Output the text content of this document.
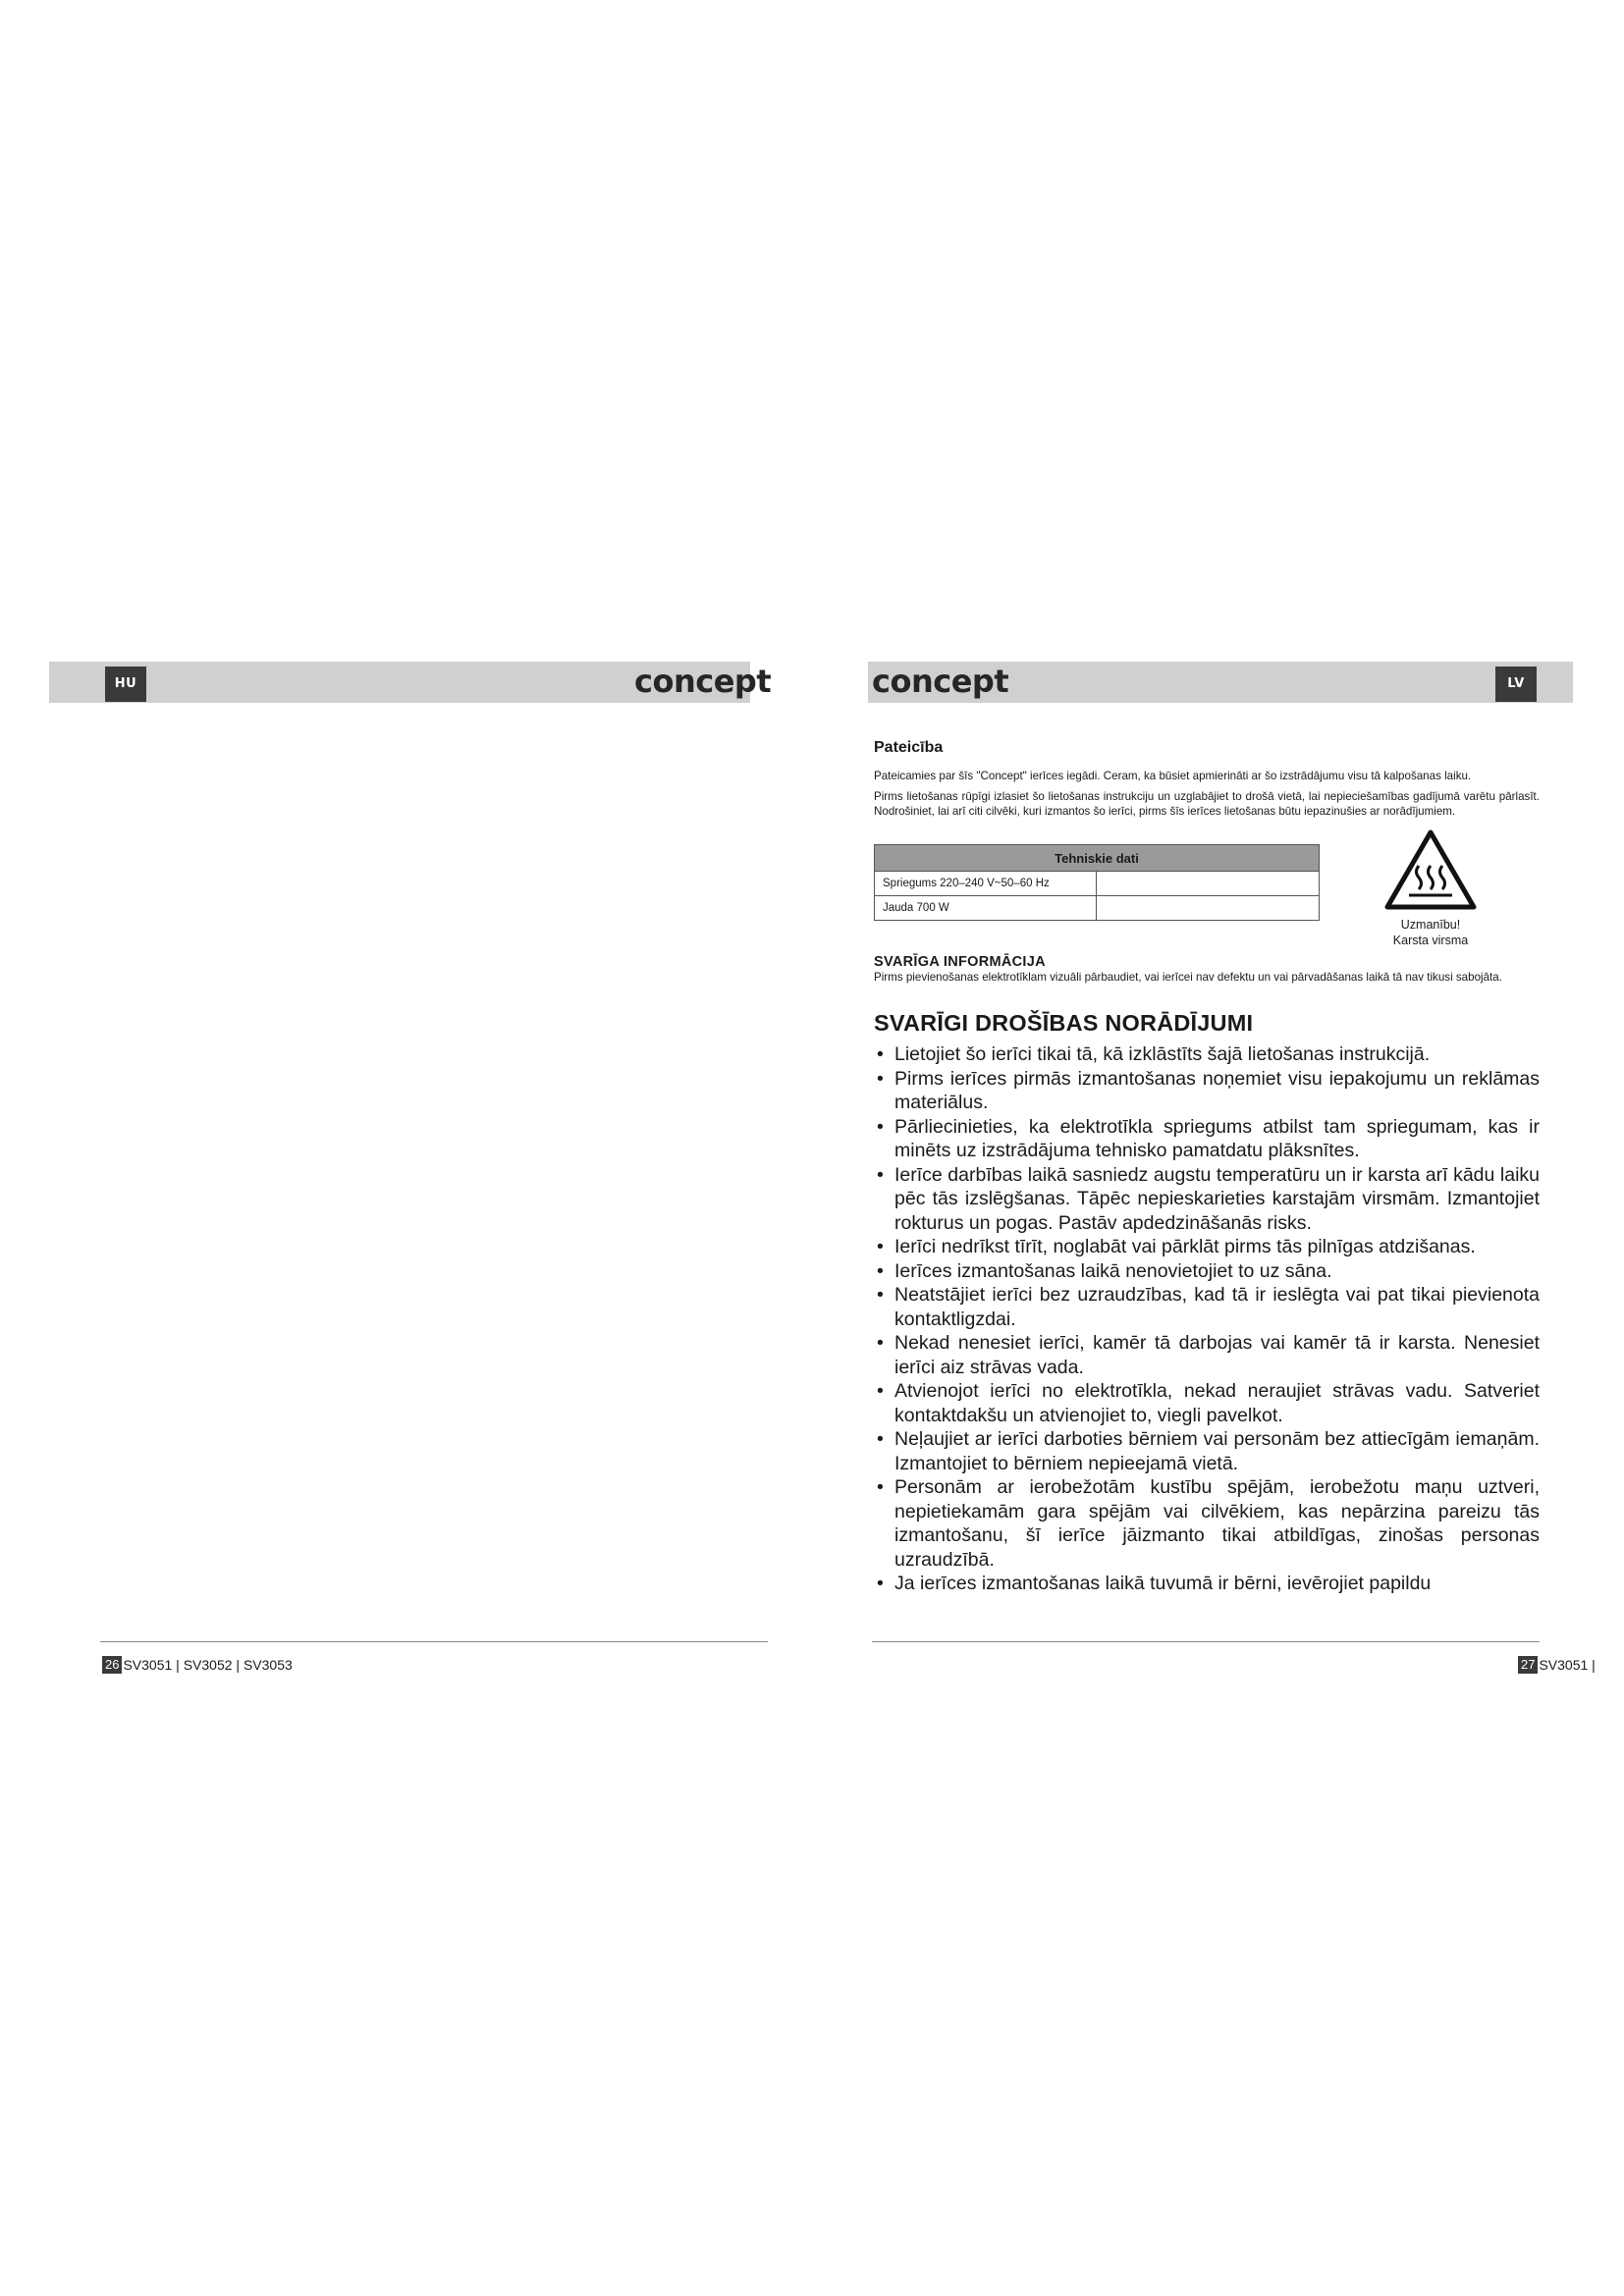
HU	concept	concept	LV
Pateicība

Pateicamies par šīs "Concept" ierīces iegādi. Ceram, ka būsiet apmierināti ar šo izstrādājumu visu tā kalpošanas laiku.

Pirms lietošanas rūpīgi izlasiet šo lietošanas instrukciju un uzglabājiet to drošā vietā, lai nepieciešamības gadījumā varētu pārlasīt. Nodrošiniet, lai arī citi cilvēki, kuri izmantos šo ierīci, pirms šīs ierīces lietošanas būtu iepazinušies ar norādījumiem.

Tehniskie dati	
Spriegums 220–240 V~50–60 Hz	
Jauda 700 W	
Uzmanību!
Karsta virsma
SVARĪGA INFORMĀCIJA

Pirms pievienošanas elektrotīklam vizuāli pārbaudiet, vai ierīcei nav defektu un vai pārvadāšanas laikā tā nav tikusi sabojāta.

SVARĪGI DROŠĪBAS NORĀDĪJUMI
• Lietojiet šo ierīci tikai tā, kā izklāstīts šajā lietošanas instrukcijā.
• Pirms ierīces pirmās izmantošanas noņemiet visu iepakojumu un reklāmas materiālus.
• Pārliecinieties, ka elektrotīkla spriegums atbilst tam spriegumam, kas ir minēts uz izstrādājuma tehnisko pamatdatu plāksnītes.
• Ierīce darbības laikā sasniedz augstu temperatūru un ir karsta arī kādu laiku pēc tās izslēgšanas. Tāpēc nepieskarieties karstajām virsmām. Izmantojiet rokturus un pogas. Pastāv apdedzināšanās risks.
• Ierīci nedrīkst tīrīt, noglabāt vai pārklāt pirms tās pilnīgas atdzišanas.
• Ierīces izmantošanas laikā nenovietojiet to uz sāna.
• Neatstājiet ierīci bez uzraudzības, kad tā ir ieslēgta vai pat tikai pievienota kontaktligzdai.
• Nekad nenesiet ierīci, kamēr tā darbojas vai kamēr tā ir karsta. Nenesiet ierīci aiz strāvas vada.
• Atvienojot ierīci no elektrotīkla, nekad neraujiet strāvas vadu. Satveriet kontaktdakšu un atvienojiet to, viegli pavelkot.
• Neļaujiet ar ierīci darboties bērniem vai personām bez attiecīgām iemaņām. Izmantojiet to bērniem nepieejamā vietā.
• Personām ar ierobežotām kustību spējām, ierobežotu maņu uztveri, nepietiekamām gara spējām vai cilvēkiem, kas nepārzina pareizu tās izmantošanu, šī ierīce jāizmanto tikai atbildīgas, zinošas personas uzraudzībā.
• Ja ierīces izmantošanas laikā tuvumā ir bērni, ievērojiet papildu
26 SV3051 | SV3052 | SV3053	27 SV3051 |
